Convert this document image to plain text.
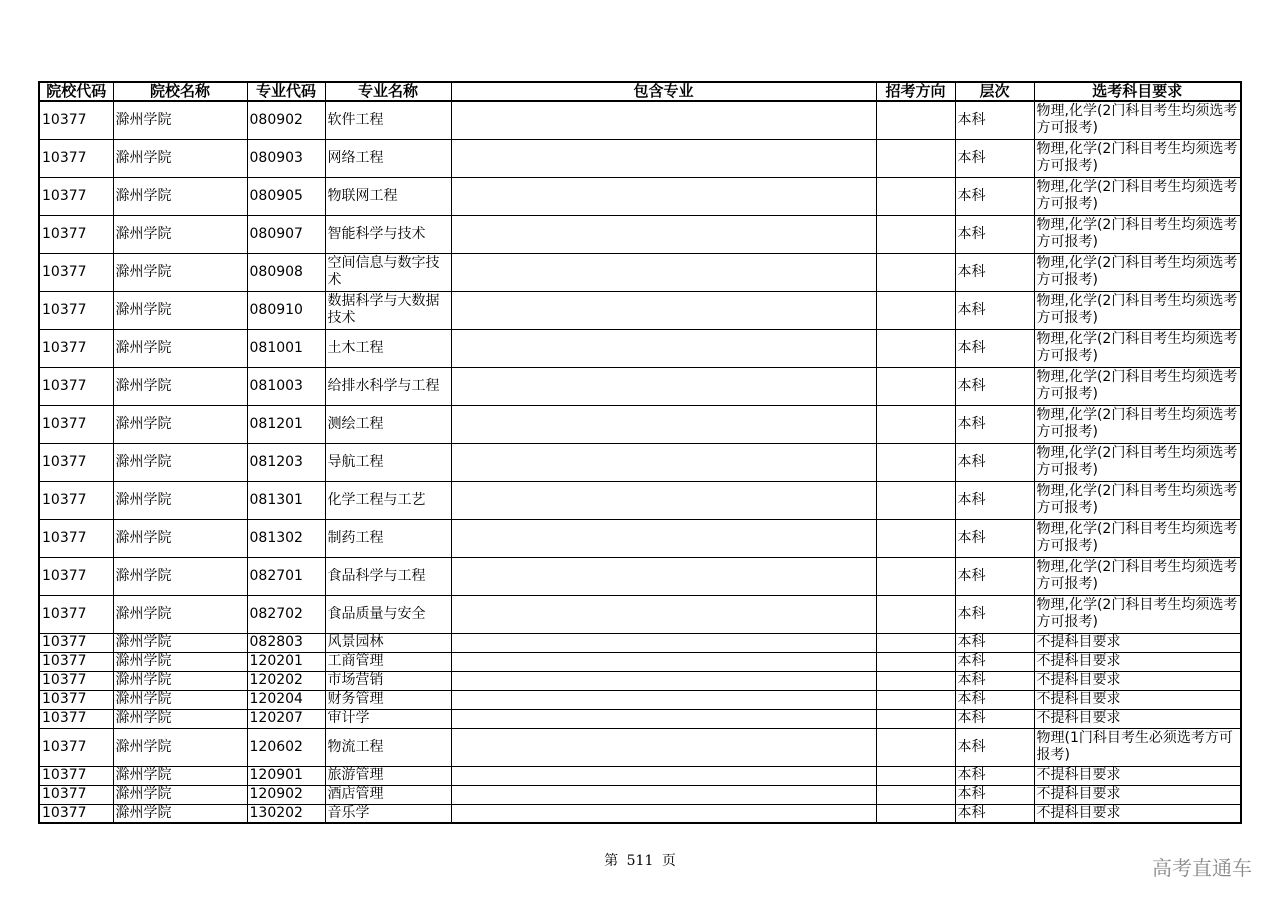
院校代码	院校名称	专业代码	专业名称	包含专业	招考方向	层次	选考科目要求
10377	滁州学院	080902	软件工程			本科	物理,化学(2门科目考生均须选考方可报考)
10377	滁州学院	080903	网络工程			本科	物理,化学(2门科目考生均须选考方可报考)
10377	滁州学院	080905	物联网工程			本科	物理,化学(2门科目考生均须选考方可报考)
10377	滁州学院	080907	智能科学与技术			本科	物理,化学(2门科目考生均须选考方可报考)
10377	滁州学院	080908	空间信息与数字技术			本科	物理,化学(2门科目考生均须选考方可报考)
10377	滁州学院	080910	数据科学与大数据技术			本科	物理,化学(2门科目考生均须选考方可报考)
10377	滁州学院	081001	土木工程			本科	物理,化学(2门科目考生均须选考方可报考)
10377	滁州学院	081003	给排水科学与工程			本科	物理,化学(2门科目考生均须选考方可报考)
10377	滁州学院	081201	测绘工程			本科	物理,化学(2门科目考生均须选考方可报考)
10377	滁州学院	081203	导航工程			本科	物理,化学(2门科目考生均须选考方可报考)
10377	滁州学院	081301	化学工程与工艺			本科	物理,化学(2门科目考生均须选考方可报考)
10377	滁州学院	081302	制药工程			本科	物理,化学(2门科目考生均须选考方可报考)
10377	滁州学院	082701	食品科学与工程			本科	物理,化学(2门科目考生均须选考方可报考)
10377	滁州学院	082702	食品质量与安全			本科	物理,化学(2门科目考生均须选考方可报考)
10377	滁州学院	082803	风景园林			本科	不提科目要求
10377	滁州学院	120201	工商管理			本科	不提科目要求
10377	滁州学院	120202	市场营销			本科	不提科目要求
10377	滁州学院	120204	财务管理			本科	不提科目要求
10377	滁州学院	120207	审计学			本科	不提科目要求
10377	滁州学院	120602	物流工程			本科	物理(1门科目考生必须选考方可报考)
10377	滁州学院	120901	旅游管理			本科	不提科目要求
10377	滁州学院	120902	酒店管理			本科	不提科目要求
10377	滁州学院	130202	音乐学			本科	不提科目要求
第 511 页	高考直通车
